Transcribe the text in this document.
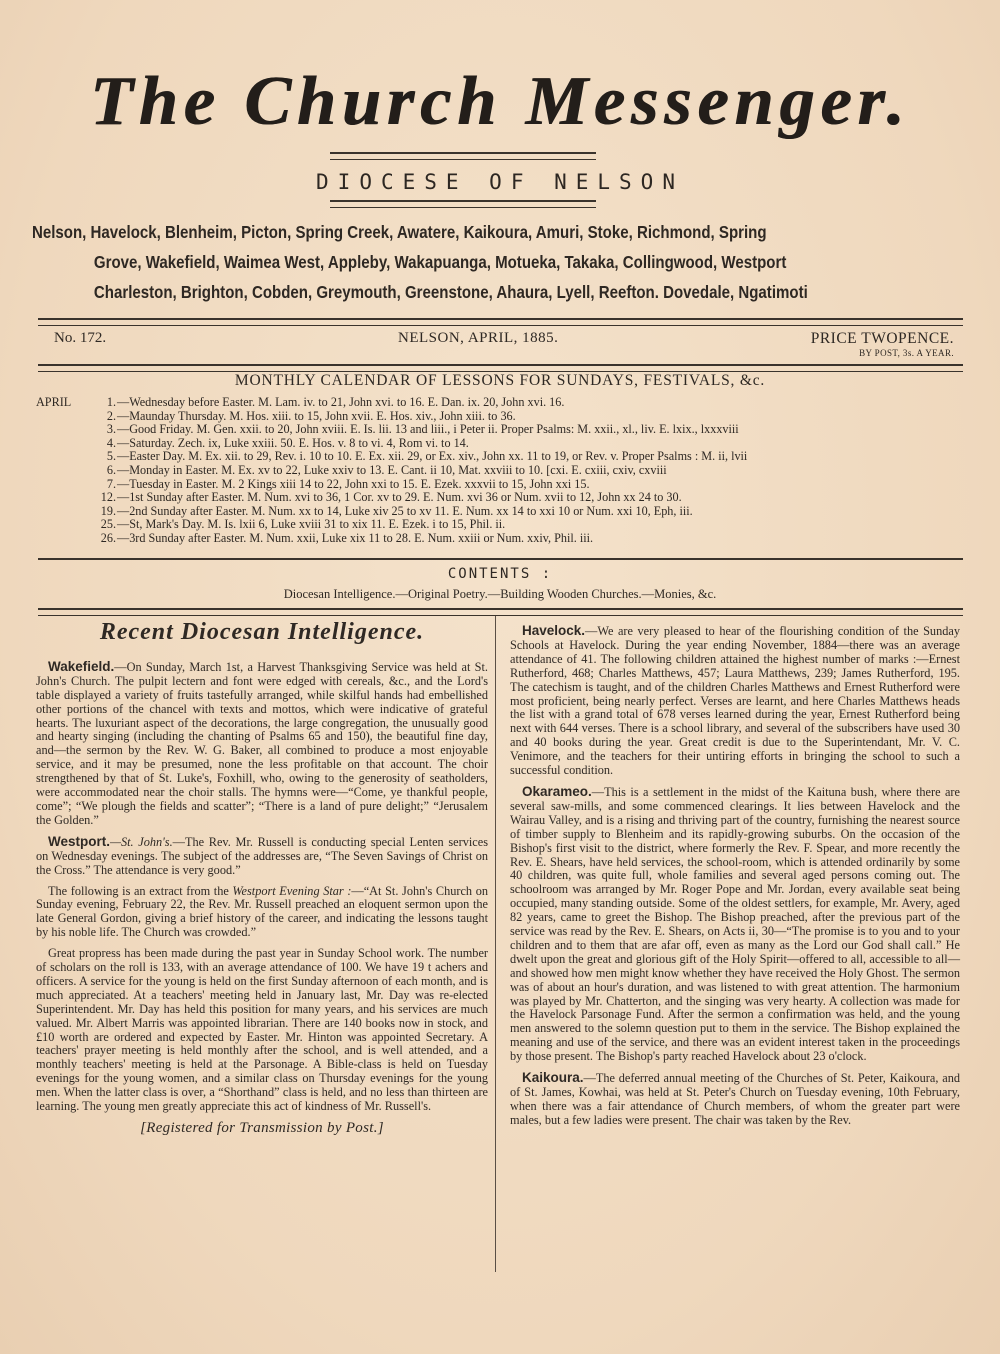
The Church Messenger.
DIOCESE OF NELSON
Nelson, Havelock, Blenheim, Picton, Spring Creek, Awatere, Kaikoura, Amuri, Stoke, Richmond, Spring
Grove, Wakefield, Waimea West, Appleby, Wakapuanga, Motueka, Takaka, Collingwood, Westport
Charleston, Brighton, Cobden, Greymouth, Greenstone, Ahaura, Lyell, Reefton. Dovedale, Ngatimoti
No. 172.	NELSON, APRIL, 1885.	PRICE TWOPENCE.
BY POST, 3s. A YEAR.
MONTHLY CALENDAR OF LESSONS FOR SUNDAYS, FESTIVALS, &c.
APRIL	1. —Wednesday before Easter. M. Lam. iv. to 21, John xvi. to 16. E. Dan. ix. 20, John xvi. 16.
2. —Maunday Thursday. M. Hos. xiii. to 15, John xvii. E. Hos. xiv., John xiii. to 36.
3. —Good Friday. M. Gen. xxii. to 20, John xviii. E. Is. lii. 13 and liii., i Peter ii. Proper Psalms: M. xxii., xl., liv. E. lxix., lxxxviii
4. —Saturday. Zech. ix, Luke xxiii. 50. E. Hos. v. 8 to vi. 4, Rom vi. to 14.
5. —Easter Day. M. Ex. xii. to 29, Rev. i. 10 to 10. E. Ex. xii. 29, or Ex. xiv., John xx. 11 to 19, or Rev. v. Proper Psalms : M. ii, lvii
6. —Monday in Easter. M. Ex. xv to 22, Luke xxiv to 13. E. Cant. ii 10, Mat. xxviii to 10. [cxi. E. cxiii, cxiv, cxviii
7. —Tuesday in Easter. M. 2 Kings xiii 14 to 22, John xxi to 15. E. Ezek. xxxvii to 15, John xxi 15.
12. —1st Sunday after Easter. M. Num. xvi to 36, 1 Cor. xv to 29. E. Num. xvi 36 or Num. xvii to 12, John xx 24 to 30.
19. —2nd Sunday after Easter. M. Num. xx to 14, Luke xiv 25 to xv 11. E. Num. xx 14 to xxi 10 or Num. xxi 10, Eph, iii.
25. —St, Mark's Day. M. Is. lxii 6, Luke xviii 31 to xix 11. E. Ezek. i to 15, Phil. ii.
26. —3rd Sunday after Easter. M. Num. xxii, Luke xix 11 to 28. E. Num. xxiii or Num. xxiv, Phil. iii.
CONTENTS :
Diocesan Intelligence.—Original Poetry.—Building Wooden Churches.—Monies, &c.
Recent Diocesan Intelligence.

Wakefield.—On Sunday, March 1st, a Harvest Thanksgiving Service was held at St. John's Church. The pulpit lectern and font were edged with cereals, &c., and the Lord's table displayed a variety of fruits tastefully arranged, while skilful hands had embellished other portions of the chancel with texts and mottos, which were indicative of grateful hearts. The luxuriant aspect of the decorations, the large congregation, the unusually good and hearty singing (including the chanting of Psalms 65 and 150), the beautiful fine day, and—the sermon by the Rev. W. G. Baker, all combined to produce a most enjoyable service, and it may be presumed, none the less profitable on that account. The choir strengthened by that of St. Luke's, Foxhill, who, owing to the generosity of seatholders, were accommodated near the choir stalls. The hymns were—“Come, ye thankful people, come”; “We plough the fields and scatter”; “There is a land of pure delight;” “Jerusalem the Golden.”

Westport.—St. John's.—The Rev. Mr. Russell is conducting special Lenten services on Wednesday evenings. The subject of the addresses are, “The Seven Savings of Christ on the Cross.” The attendance is very good.”

The following is an extract from the Westport Evening Star :—“At St. John's Church on Sunday evening, February 22, the Rev. Mr. Russell preached an eloquent sermon upon the late General Gordon, giving a brief history of the career, and indicating the lessons taught by his noble life. The Church was crowded.”

Great propress has been made during the past year in Sunday School work. The number of scholars on the roll is 133, with an average attendance of 100. We have 19 t achers and officers. A service for the young is held on the first Sunday afternoon of each month, and is much appreciated. At a teachers' meeting held in January last, Mr. Day was re-elected Superintendent. Mr. Day has held this position for many years, and his services are much valued. Mr. Albert Marris was appointed librarian. There are 140 books now in stock, and £10 worth are ordered and expected by Easter. Mr. Hinton was appointed Secretary. A teachers' prayer meeting is held monthly after the school, and is well attended, and a monthly teachers' meeting is held at the Parsonage. A Bible-class is held on Tuesday evenings for the young women, and a similar class on Thursday evenings for the young men. When the latter class is over, a “Shorthand” class is held, and no less than thirteen are learning. The young men greatly appreciate this act of kindness of Mr. Russell's.

[Registered for Transmission by Post.]

Havelock.—We are very pleased to hear of the flourishing condition of the Sunday Schools at Havelock. During the year ending November, 1884—there was an average attendance of 41. The following children attained the highest number of marks :—Ernest Rutherford, 468; Charles Matthews, 457; Laura Matthews, 239; James Rutherford, 195. The catechism is taught, and of the children Charles Matthews and Ernest Rutherford were most proficient, being nearly perfect. Verses are learnt, and here Charles Matthews heads the list with a grand total of 678 verses learned during the year, Ernest Rutherford being next with 644 verses. There is a school library, and several of the subscribers have used 30 and 40 books during the year. Great credit is due to the Superintendant, Mr. V. C. Venimore, and the teachers for their untiring efforts in bringing the school to such a successful condition.

Okarameo.—This is a settlement in the midst of the Kaituna bush, where there are several saw-mills, and some commenced clearings. It lies between Havelock and the Wairau Valley, and is a rising and thriving part of the country, furnishing the nearest source of timber supply to Blenheim and its rapidly-growing suburbs. On the occasion of the Bishop's first visit to the district, where formerly the Rev. F. Spear, and more recently the Rev. E. Shears, have held services, the school-room, which is attended ordinarily by some 40 children, was quite full, whole families and several aged persons coming out. The schoolroom was arranged by Mr. Roger Pope and Mr. Jordan, every available seat being occupied, many standing outside. Some of the oldest settlers, for example, Mr. Avery, aged 82 years, came to greet the Bishop. The Bishop preached, after the previous part of the service was read by the Rev. E. Shears, on Acts ii, 30—“The promise is to you and to your children and to them that are afar off, even as many as the Lord our God shall call.” He dwelt upon the great and glorious gift of the Holy Spirit—offered to all, accessible to all—and showed how men might know whether they have received the Holy Ghost. The sermon was of about an hour's duration, and was listened to with great attention. The harmonium was played by Mr. Chatterton, and the singing was very hearty. A collection was made for the Havelock Parsonage Fund. After the sermon a confirmation was held, and the young men answered to the solemn question put to them in the service. The Bishop explained the meaning and use of the service, and there was an evident interest taken in the proceedings by those present. The Bishop's party reached Havelock about 23 o'clock.

Kaikoura.—The deferred annual meeting of the Churches of St. Peter, Kaikoura, and of St. James, Kowhai, was held at St. Peter's Church on Tuesday evening, 10th February, when there was a fair attendance of Church members, of whom the greater part were males, but a few ladies were present. The chair was taken by the Rev.
